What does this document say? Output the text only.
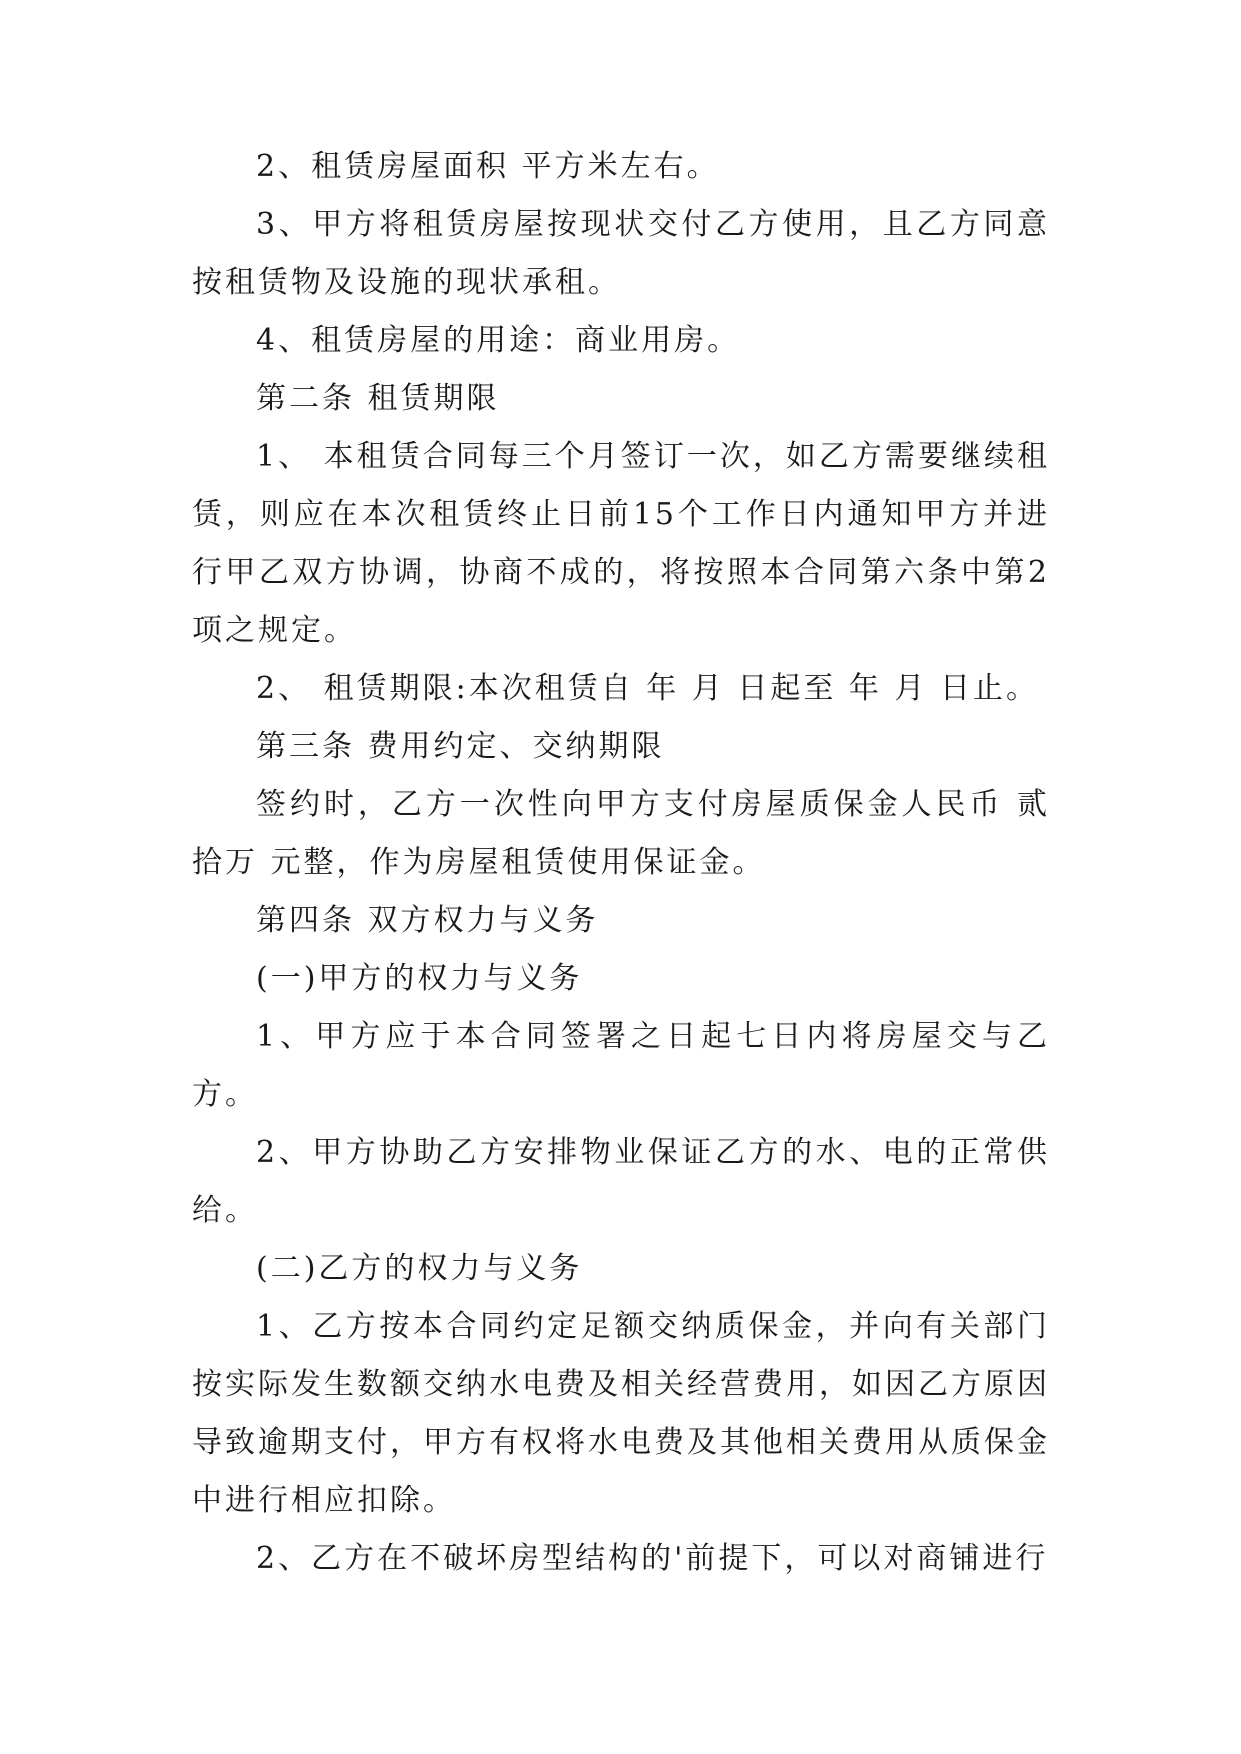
2、租赁房屋面积 平方米左右。

3、甲方将租赁房屋按现状交付乙方使用，且乙方同意按租赁物及设施的现状承租。

4、租赁房屋的用途：商业用房。

第二条 租赁期限

1、 本租赁合同每三个月签订一次，如乙方需要继续租赁，则应在本次租赁终止日前15个工作日内通知甲方并进行甲乙双方协调，协商不成的，将按照本合同第六条中第2项之规定。

2、 租赁期限:本次租赁自 年 月 日起至 年 月 日止。

第三条 费用约定、交纳期限

签约时，乙方一次性向甲方支付房屋质保金人民币 贰拾万 元整，作为房屋租赁使用保证金。

第四条 双方权力与义务

(一)甲方的权力与义务

1、甲方应于本合同签署之日起七日内将房屋交与乙方。

2、甲方协助乙方安排物业保证乙方的水、电的正常供给。

(二)乙方的权力与义务

1、乙方按本合同约定足额交纳质保金，并向有关部门按实际发生数额交纳水电费及相关经营费用，如因乙方原因导致逾期支付，甲方有权将水电费及其他相关费用从质保金中进行相应扣除。

2、乙方在不破坏房型结构的'前提下，可以对商铺进行
